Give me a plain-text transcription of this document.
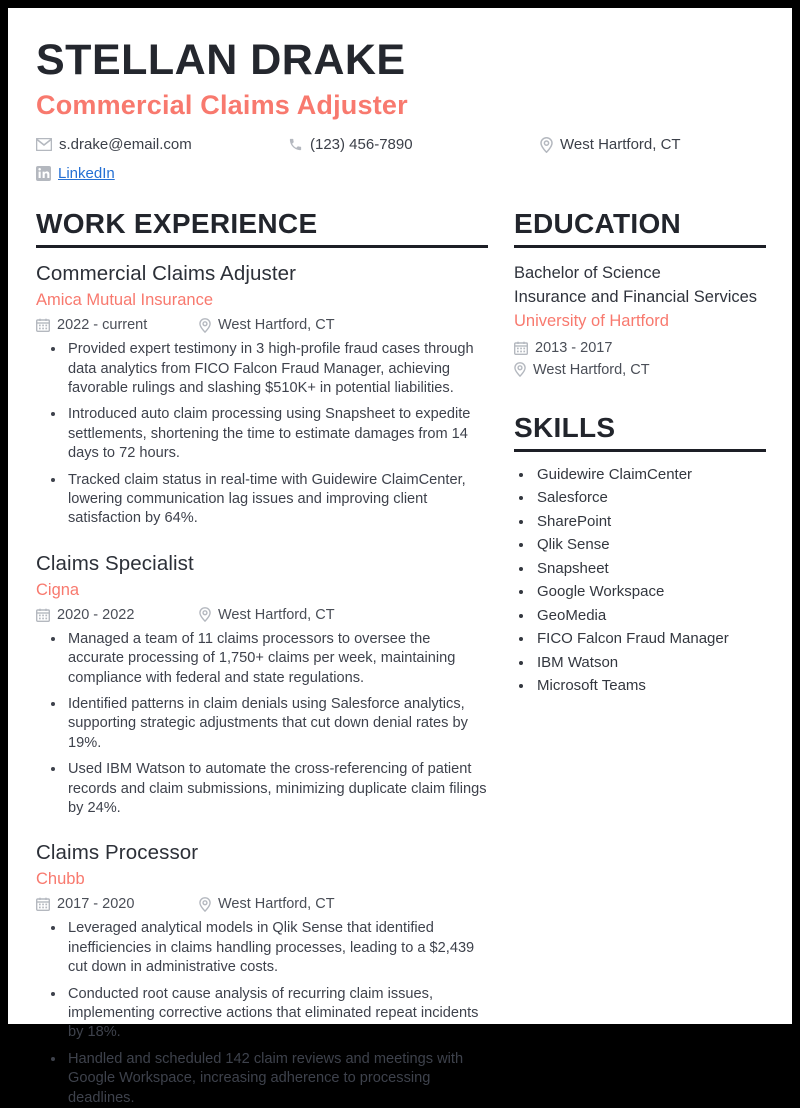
STELLAN DRAKE
Commercial Claims Adjuster
s.drake@email.com	(123) 456-7890	West Hartford, CT
LinkedIn
WORK EXPERIENCE
Commercial Claims Adjuster
Amica Mutual Insurance
2022 - current	West Hartford, CT
• Provided expert testimony in 3 high-profile fraud cases through data analytics from FICO Falcon Fraud Manager, achieving favorable rulings and slashing $510K+ in potential liabilities.
• Introduced auto claim processing using Snapsheet to expedite settlements, shortening the time to estimate damages from 14 days to 72 hours.
• Tracked claim status in real-time with Guidewire ClaimCenter, lowering communication lag issues and improving client satisfaction by 64%.
Claims Specialist
Cigna
2020 - 2022	West Hartford, CT
• Managed a team of 11 claims processors to oversee the accurate processing of 1,750+ claims per week, maintaining compliance with federal and state regulations.
• Identified patterns in claim denials using Salesforce analytics, supporting strategic adjustments that cut down denial rates by 19%.
• Used IBM Watson to automate the cross-referencing of patient records and claim submissions, minimizing duplicate claim filings by 24%.
Claims Processor
Chubb
2017 - 2020	West Hartford, CT
• Leveraged analytical models in Qlik Sense that identified inefficiencies in claims handling processes, leading to a $2,439 cut down in administrative costs.
• Conducted root cause analysis of recurring claim issues, implementing corrective actions that eliminated repeat incidents by 18%.
• Handled and scheduled 142 claim reviews and meetings with Google Workspace, increasing adherence to processing deadlines.
EDUCATION
Bachelor of Science
Insurance and Financial Services
University of Hartford
2013 - 2017
West Hartford, CT
SKILLS
• Guidewire ClaimCenter
• Salesforce
• SharePoint
• Qlik Sense
• Snapsheet
• Google Workspace
• GeoMedia
• FICO Falcon Fraud Manager
• IBM Watson
• Microsoft Teams
